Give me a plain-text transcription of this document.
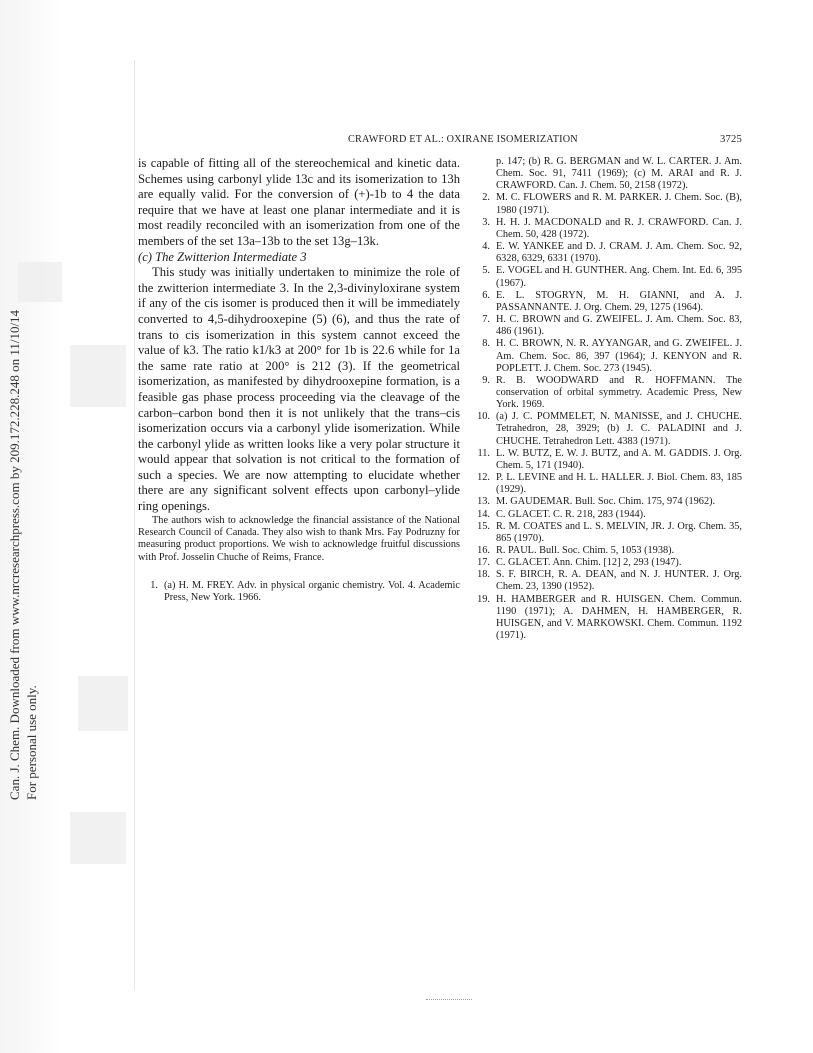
Can. J. Chem. Downloaded from www.nrcresearchpress.com by 209.172.228.248 on 11/10/14 For personal use only.
CRAWFORD ET AL.: OXIRANE ISOMERIZATION	3725

is capable of fitting all of the stereochemical and kinetic data. Schemes using carbonyl ylide 13c and its isomerization to 13h are equally valid. For the conversion of (+)-1b to 4 the data require that we have at least one planar intermediate and it is most readily reconciled with an isomerization from one of the members of the set 13a–13b to the set 13g–13k.

(c) The Zwitterion Intermediate 3

This study was initially undertaken to minimize the role of the zwitterion intermediate 3. In the 2,3-divinyloxirane system if any of the cis isomer is produced then it will be immediately converted to 4,5-dihydrooxepine (5) (6), and thus the rate of trans to cis isomerization in this system cannot exceed the value of k3. The ratio k1/k3 at 200° for 1b is 22.6 while for 1a the same rate ratio at 200° is 212 (3). If the geometrical isomerization, as manifested by dihydrooxepine formation, is a feasible gas phase process proceeding via the cleavage of the carbon–carbon bond then it is not unlikely that the trans–cis isomerization occurs via a carbonyl ylide isomerization. While the carbonyl ylide as written looks like a very polar structure it would appear that solvation is not critical to the formation of such a species. We are now attempting to elucidate whether there are any significant solvent effects upon carbonyl–ylide ring openings.

The authors wish to acknowledge the financial assistance of the National Research Council of Canada. They also wish to thank Mrs. Fay Podruzny for measuring product proportions. We wish to acknowledge fruitful discussions with Prof. Josselin Chuche of Reims, France.

1. (a) H. M. FREY. Adv. in physical organic chemistry. Vol. 4. Academic Press, New York. 1966.
p. 147; (b) R. G. BERGMAN and W. L. CARTER. J. Am. Chem. Soc. 91, 7411 (1969); (c) M. ARAI and R. J. CRAWFORD. Can. J. Chem. 50, 2158 (1972).
2. M. C. FLOWERS and R. M. PARKER. J. Chem. Soc. (B), 1980 (1971).
3. H. H. J. MACDONALD and R. J. CRAWFORD. Can. J. Chem. 50, 428 (1972).
4. E. W. YANKEE and D. J. CRAM. J. Am. Chem. Soc. 92, 6328, 6329, 6331 (1970).
5. E. VOGEL and H. GUNTHER. Ang. Chem. Int. Ed. 6, 395 (1967).
6. E. L. STOGRYN, M. H. GIANNI, and A. J. PASSANNANTE. J. Org. Chem. 29, 1275 (1964).
7. H. C. BROWN and G. ZWEIFEL. J. Am. Chem. Soc. 83, 486 (1961).
8. H. C. BROWN, N. R. AYYANGAR, and G. ZWEIFEL. J. Am. Chem. Soc. 86, 397 (1964); J. KENYON and R. POPLETT. J. Chem. Soc. 273 (1945).
9. R. B. WOODWARD and R. HOFFMANN. The conservation of orbital symmetry. Academic Press, New York. 1969.
10. (a) J. C. POMMELET, N. MANISSE, and J. CHUCHE. Tetrahedron, 28, 3929; (b) J. C. PALADINI and J. CHUCHE. Tetrahedron Lett. 4383 (1971).
11. L. W. BUTZ, E. W. J. BUTZ, and A. M. GADDIS. J. Org. Chem. 5, 171 (1940).
12. P. L. LEVINE and H. L. HALLER. J. Biol. Chem. 83, 185 (1929).
13. M. GAUDEMAR. Bull. Soc. Chim. 175, 974 (1962).
14. C. GLACET. C. R. 218, 283 (1944).
15. R. M. COATES and L. S. MELVIN, JR. J. Org. Chem. 35, 865 (1970).
16. R. PAUL. Bull. Soc. Chim. 5, 1053 (1938).
17. C. GLACET. Ann. Chim. [12] 2, 293 (1947).
18. S. F. BIRCH, R. A. DEAN, and N. J. HUNTER. J. Org. Chem. 23, 1390 (1952).
19. H. HAMBERGER and R. HUISGEN. Chem. Commun. 1190 (1971); A. DAHMEN, H. HAMBERGER, R. HUISGEN, and V. MARKOWSKI. Chem. Commun. 1192 (1971).
